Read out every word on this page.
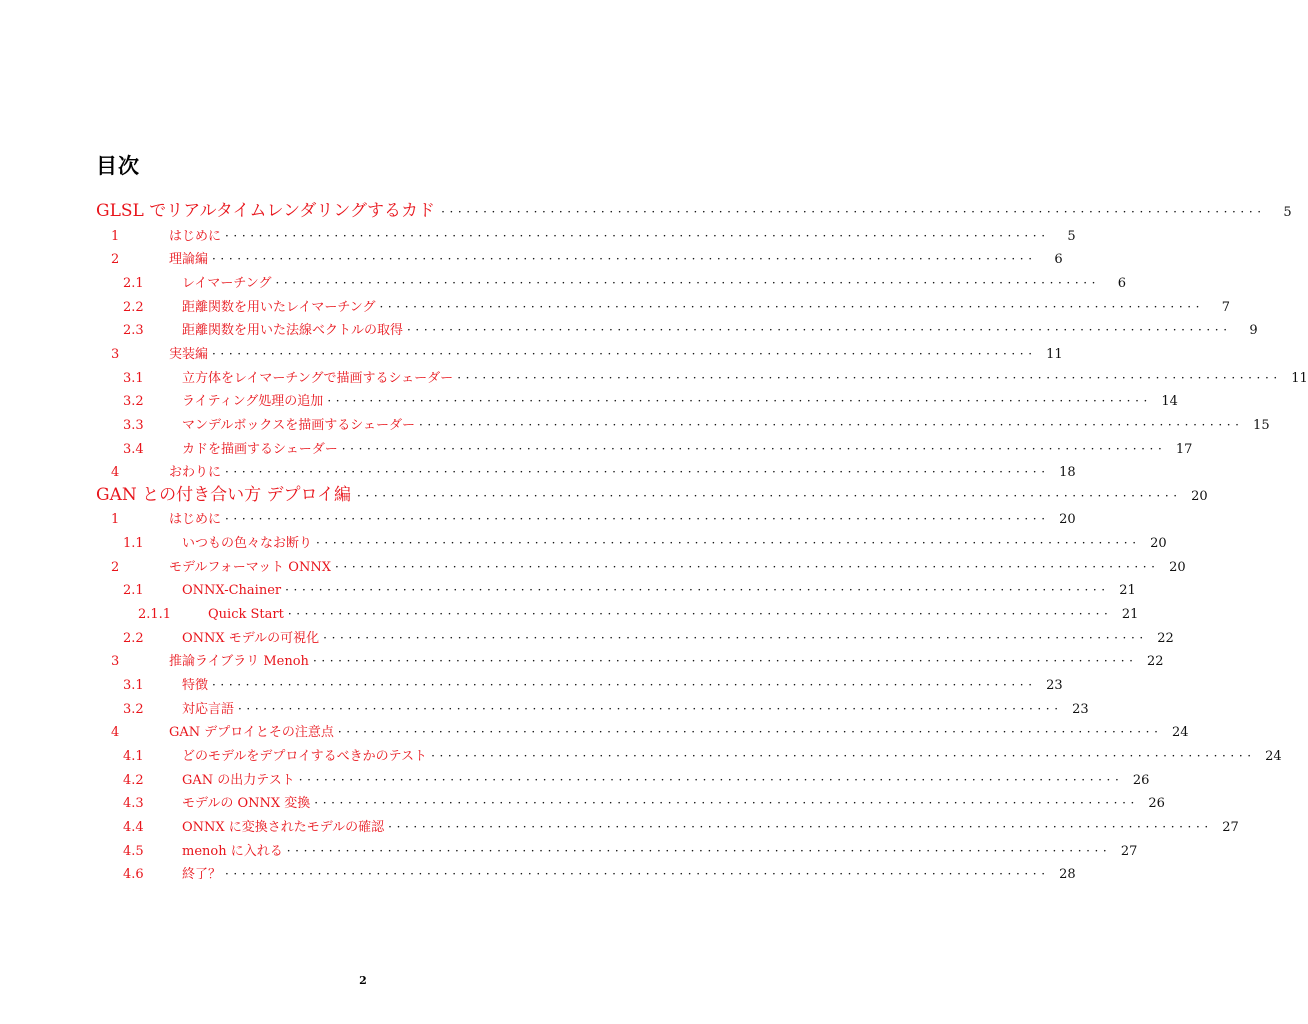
目次
GLSL でリアルタイムレンダリングするカド ··································································································	5
1	はじめに ··································································································	5
2	理論編 ··································································································	6
2.1	レイマーチング ··································································································	6
2.2	距離関数を用いたレイマーチング ··································································································	7
2.3	距離関数を用いた法線ベクトルの取得 ··································································································	9
3	実装編 ·································································································· 11
3.1	立方体をレイマーチングで描画するシェーダー ·································································································· 11
3.2	ライティング処理の追加 ·································································································· 14
3.3	マンデルボックスを描画するシェーダー ·································································································· 15
3.4	カドを描画するシェーダー ·································································································· 17
4	おわりに ·································································································· 18
GAN との付き合い方 デプロイ編 ·································································································· 20
1	はじめに ·································································································· 20
1.1	いつもの色々なお断り ·································································································· 20
2	モデルフォーマット ONNX ·································································································· 20
2.1	ONNX-Chainer ·································································································· 21
2.1.1	Quick Start ·································································································· 21
2.2	ONNX モデルの可視化 ·································································································· 22
3	推論ライブラリ Menoh ·································································································· 22
3.1	特徴 ·································································································· 23
3.2	対応言語 ·································································································· 23
4	GAN デプロイとその注意点 ·································································································· 24
4.1	どのモデルをデプロイするべきかのテスト ·································································································· 24
4.2	GAN の出力テスト ·································································································· 26
4.3	モデルの ONNX 変換 ·································································································· 26
4.4	ONNX に変換されたモデルの確認 ·································································································· 27
4.5	menoh に入れる ·································································································· 27
4.6	終了？ ·································································································· 28
2
